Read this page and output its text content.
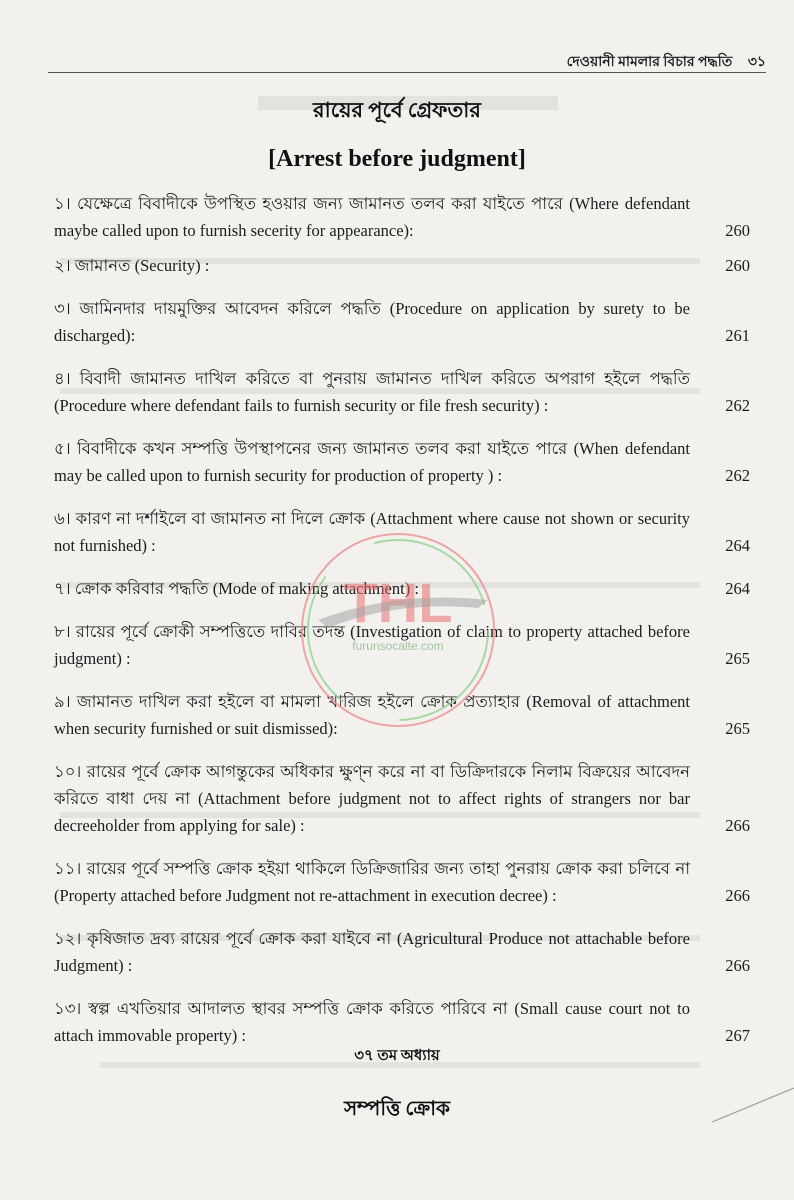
দেওয়ানী মামলার বিচার পদ্ধতি ৩১
রায়ের পূর্বে গ্রেফতার
[Arrest before judgment]
১। যেক্ষেত্রে বিবাদীকে উপস্থিত হওয়ার জন্য জামানত তলব করা যাইতে পারে (Where defendant maybe called upon to furnish secerity for appearance):	260
২। জামানত (Security) :	260
৩। জামিনদার দায়মুক্তির আবেদন করিলে পদ্ধতি (Procedure on application by surety to be discharged):	261
৪। বিবাদী জামানত দাখিল করিতে বা পুনরায় জামানত দাখিল করিতে অপরাগ হইলে পদ্ধতি (Procedure where defendant fails to furnish security or file fresh security) :	262
৫। বিবাদীকে কখন সম্পত্তি উপস্থাপনের জন্য জামানত তলব করা যাইতে পারে (When defendant may be called upon to furnish security for production of property ) :	262
৬। কারণ না দর্শাইলে বা জামানত না দিলে ক্রোক (Attachment where cause not shown or security not furnished) :	264
৭। ক্রোক করিবার পদ্ধতি (Mode of making attachment) :	264
৮। রায়ের পূর্বে ক্রোকী সম্পত্তিতে দাবির তদন্ত (Investigation of claim to property attached before judgment) :	265
৯। জামানত দাখিল করা হইলে বা মামলা খারিজ হইলে ক্রোক প্রত্যাহার (Removal of attachment when security furnished or suit dismissed):	265
১০। রায়ের পূর্বে ক্রোক আগন্তুকের অধিকার ক্ষুণ্ন করে না বা ডিক্রিদারকে নিলাম বিক্রয়ের আবেদন করিতে বাধা দেয় না (Attachment before judgment not to affect rights of strangers nor bar decreeholder from applying for sale) :	266
১১। রায়ের পূর্বে সম্পত্তি ক্রোক হইয়া থাকিলে ডিক্রিজারির জন্য তাহা পুনরায় ক্রোক করা চলিবে না (Property attached before Judgment not re-attachment in execution decree) :	266
১২। কৃষিজাত দ্রব্য রায়ের পূর্বে ক্রোক করা যাইবে না (Agricultural Produce not attachable before Judgment) :	266
১৩। স্বল্প এখতিয়ার আদালত স্থাবর সম্পত্তি ক্রোক করিতে পারিবে না (Small cause court not to attach immovable property) :	267
৩৭ তম অধ্যায়
সম্পত্তি ক্রোক
THL
furunsocalte.com
